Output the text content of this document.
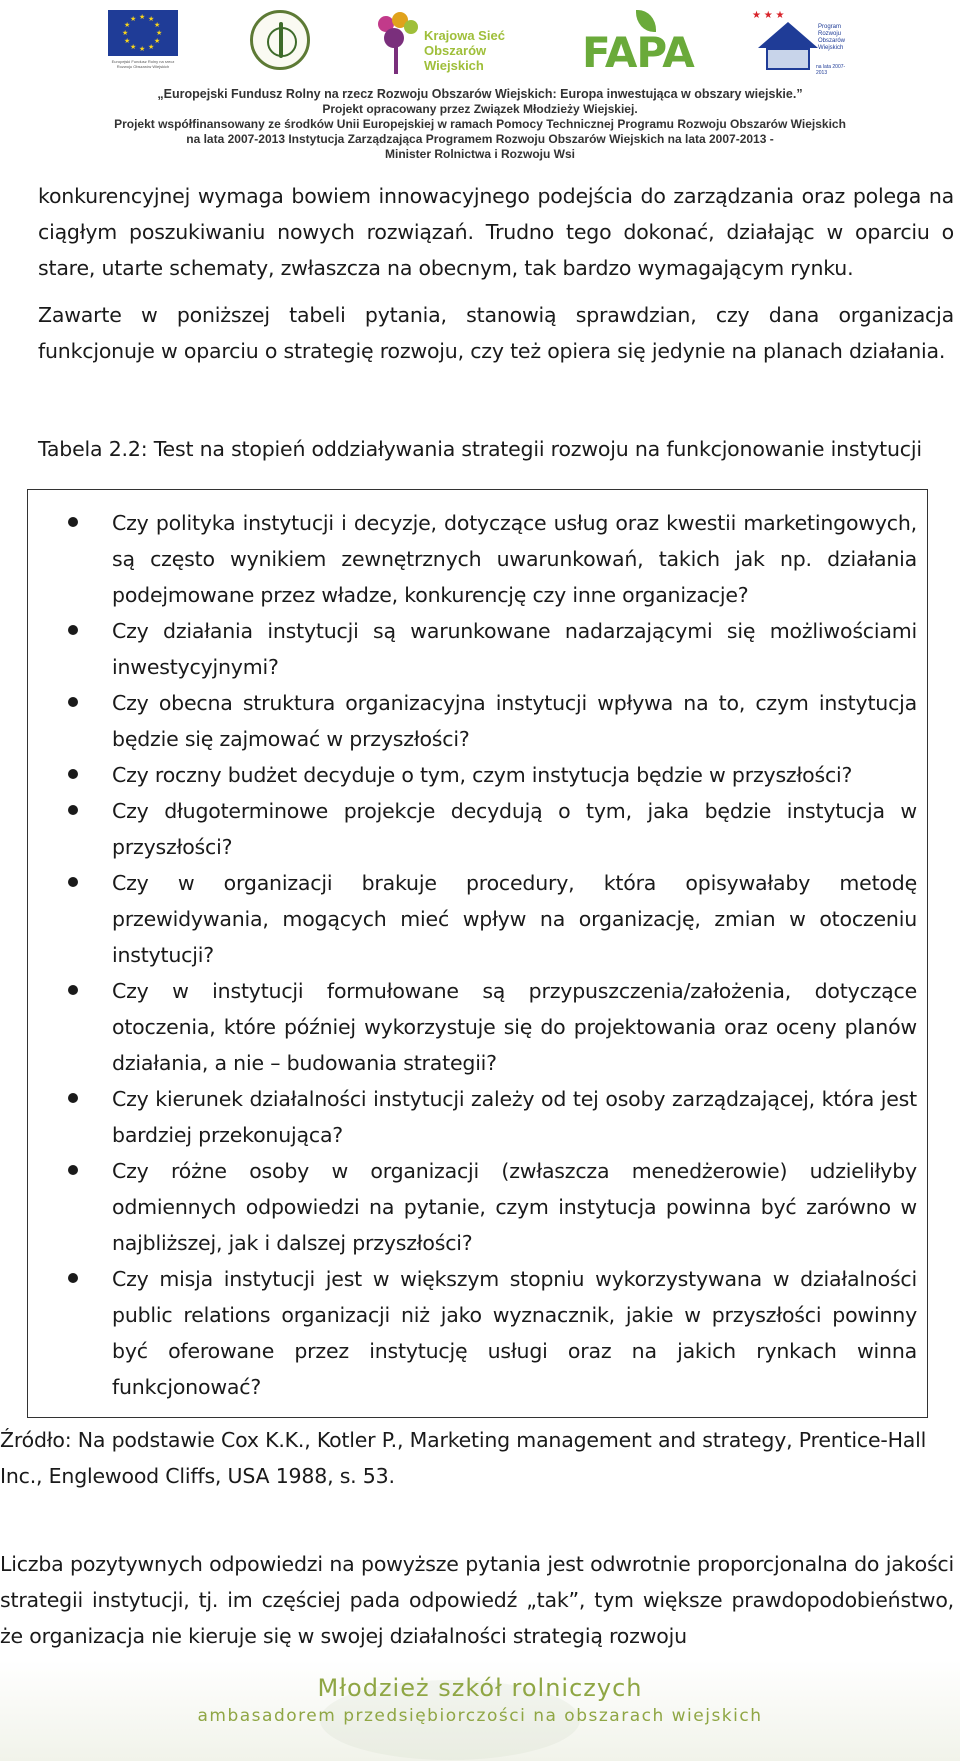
★ ★
★
★
★
★
★
★
★
★
★
★
Europejski Fundusz Rolny na rzecz Rozwoju Obszarów Wiejskich
Krajowa Sieć Obszarów Wiejskich	FAPA
★ ★ ★
Program Rozwoju Obszarów Wiejskich
na lata 2007-2013
„Europejski Fundusz Rolny na rzecz Rozwoju Obszarów Wiejskich: Europa inwestująca w obszary wiejskie.”
Projekt opracowany przez Związek Młodzieży Wiejskiej.
Projekt współfinansowany ze środków Unii Europejskiej w ramach Pomocy Technicznej Programu Rozwoju Obszarów Wiejskich
na lata 2007-2013 Instytucja Zarządzająca Programem Rozwoju Obszarów Wiejskich na lata 2007-2013 -
Minister Rolnictwa i Rozwoju Wsi

konkurencyjnej wymaga bowiem innowacyjnego podejścia do zarządzania oraz polega na ciągłym poszukiwaniu nowych rozwiązań. Trudno tego dokonać, działając w oparciu o stare, utarte schematy, zwłaszcza na obecnym, tak bardzo wymagającym rynku.

Zawarte w poniższej tabeli pytania, stanowią sprawdzian, czy dana organizacja funkcjonuje w oparciu o strategię rozwoju, czy też opiera się jedynie na planach działania.

Tabela 2.2: Test na stopień oddziaływania strategii rozwoju na funkcjonowanie instytucji

Czy polityka instytucji i decyzje, dotyczące usług oraz kwestii marketingowych, są często wynikiem zewnętrznych uwarunkowań, takich jak np. działania podejmowane przez władze, konkurencję czy inne organizacje?
Czy działania instytucji są warunkowane nadarzającymi się możliwościami inwestycyjnymi?
Czy obecna struktura organizacyjna instytucji wpływa na to, czym instytucja będzie się zajmować w przyszłości?
Czy roczny budżet decyduje o tym, czym instytucja będzie w przyszłości?
Czy długoterminowe projekcje decydują o tym, jaka będzie instytucja w przyszłości?
Czy w organizacji brakuje procedury, która opisywałaby metodę przewidywania, mogących mieć wpływ na organizację, zmian w otoczeniu instytucji?
Czy w instytucji formułowane są przypuszczenia/założenia, dotyczące otoczenia, które później wykorzystuje się do projektowania oraz oceny planów działania, a nie – budowania strategii?
Czy kierunek działalności instytucji zależy od tej osoby zarządzającej, która jest bardziej przekonująca?
Czy różne osoby w organizacji (zwłaszcza menedżerowie) udzieliłyby odmiennych odpowiedzi na pytanie, czym instytucja powinna być zarówno w najbliższej, jak i dalszej przyszłości?
Czy misja instytucji jest w większym stopniu wykorzystywana w działalności public relations organizacji niż jako wyznacznik, jakie w przyszłości powinny być oferowane przez instytucję usługi oraz na jakich rynkach winna funkcjonować?

Źródło: Na podstawie Cox K.K., Kotler P., Marketing management and strategy, Prentice-Hall Inc., Englewood Cliffs, USA 1988, s. 53.

Liczba pozytywnych odpowiedzi na powyższe pytania jest odwrotnie proporcjonalna do jakości strategii instytucji, tj. im częściej pada odpowiedź „tak”, tym większe prawdopodobieństwo, że organizacja nie kieruje się w swojej działalności strategią rozwoju

Młodzież szkół rolniczych
ambasadorem przedsiębiorczości na obszarach wiejskich
